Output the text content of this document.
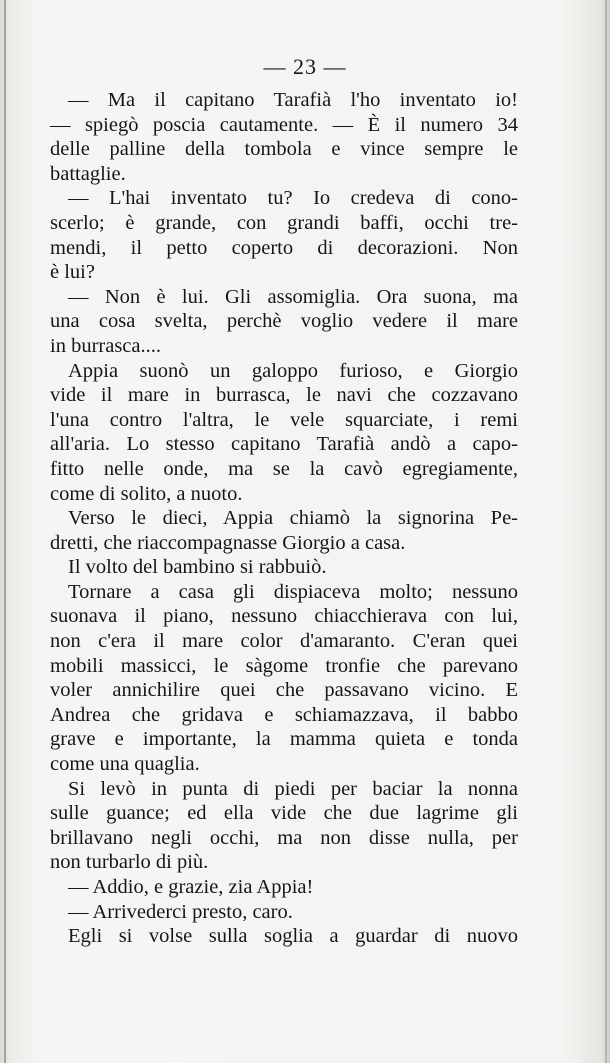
— 23 —
— Ma il capitano Tarafià l'ho inventato io!
— spiegò poscia cautamente. — È il numero 34
delle palline della tombola e vince sempre le
battaglie.
— L'hai inventato tu? Io credeva di cono-
scerlo; è grande, con grandi baffi, occhi tre-
mendi, il petto coperto di decorazioni. Non
è lui?
— Non è lui. Gli assomiglia. Ora suona, ma
una cosa svelta, perchè voglio vedere il mare
in burrasca....
Appia suonò un galoppo furioso, e Giorgio
vide il mare in burrasca, le navi che cozzavano
l'una contro l'altra, le vele squarciate, i remi
all'aria. Lo stesso capitano Tarafià andò a capo-
fitto nelle onde, ma se la cavò egregiamente,
come di solito, a nuoto.
Verso le dieci, Appia chiamò la signorina Pe-
dretti, che riaccompagnasse Giorgio a casa.
Il volto del bambino si rabbuiò.
Tornare a casa gli dispiaceva molto; nessuno
suonava il piano, nessuno chiacchierava con lui,
non c'era il mare color d'amaranto. C'eran quei
mobili massicci, le sàgome tronfie che parevano
voler annichilire quei che passavano vicino. E
Andrea che gridava e schiamazzava, il babbo
grave e importante, la mamma quieta e tonda
come una quaglia.
Si levò in punta di piedi per baciar la nonna
sulle guance; ed ella vide che due lagrime gli
brillavano negli occhi, ma non disse nulla, per
non turbarlo di più.
— Addio, e grazie, zia Appia!
— Arrivederci presto, caro.
Egli si volse sulla soglia a guardar di nuovo
